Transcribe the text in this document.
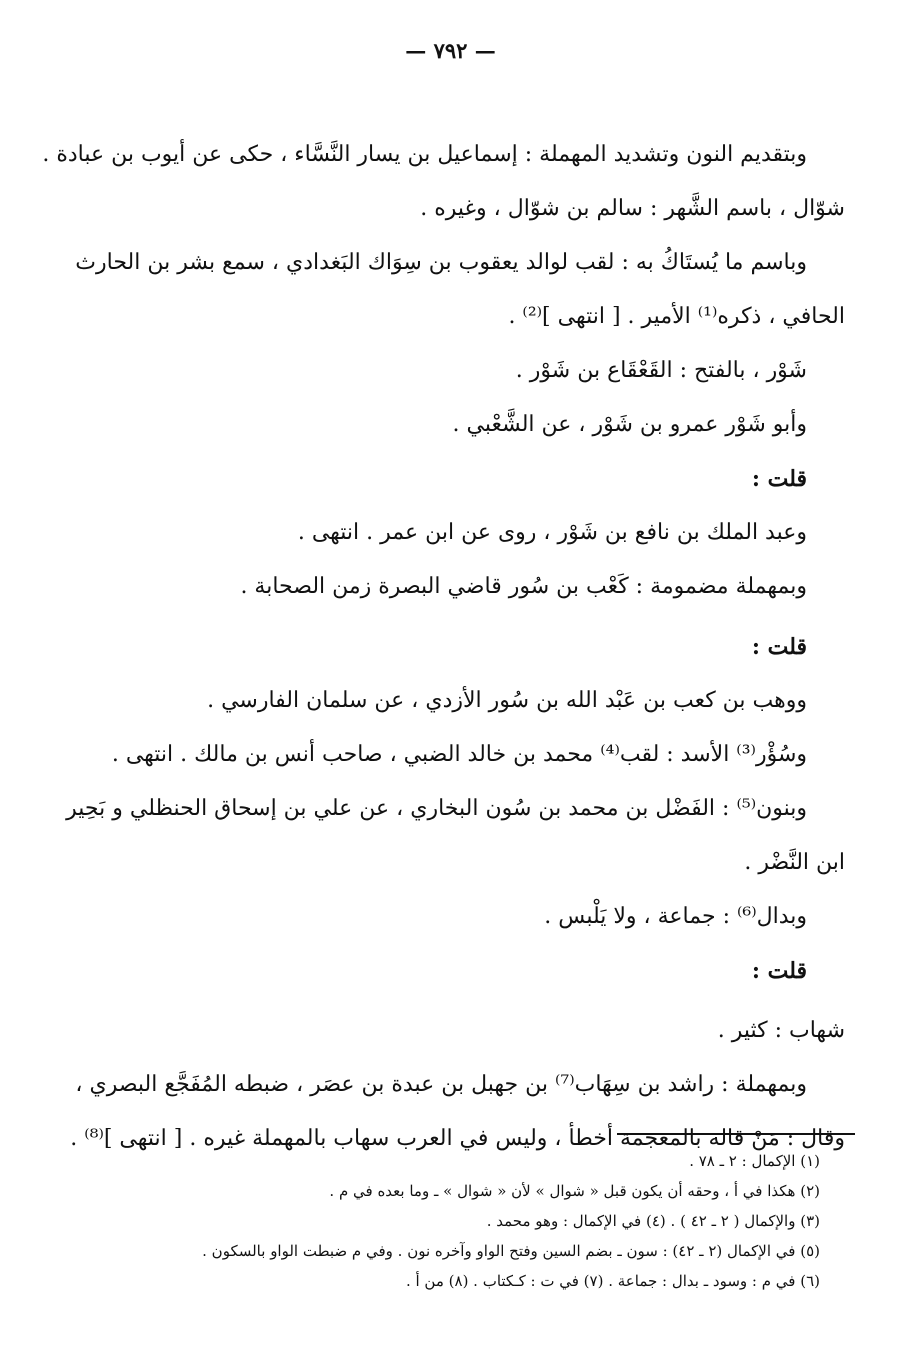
— ٧٩٢ —
وبتقديم النون وتشديد المهملة : إسماعيل بن يسار النَّسَّاء ، حكى عن أيوب بن عبادة .
شوّال ، باسم الشَّهر : سالم بن شوّال ، وغيره .
وباسم ما يُستَاكُ به : لقب لوالد يعقوب بن سِوَاك البَغدادي ، سمع بشر بن الحارث
الحافي ، ذكره⁽¹⁾ الأمير . [ انتهى ]⁽²⁾ .
شَوْر ، بالفتح : القَعْقَاع بن شَوْر .
وأبو شَوْر عمرو بن شَوْر ، عن الشَّعْبي .
قلت :
وعبد الملك بن نافع بن شَوْر ، روى عن ابن عمر . انتهى .
وبمهملة مضمومة : كَعْب بن سُور قاضي البصرة زمن الصحابة .
قلت :
ووهب بن كعب بن عَبْد الله بن سُور الأزدي ، عن سلمان الفارسي .
وسُؤْر⁽³⁾ الأسد : لقب⁽⁴⁾ محمد بن خالد الضبي ، صاحب أنس بن مالك . انتهى .
وبنون⁽⁵⁾ : الفَضْل بن محمد بن سُون البخاري ، عن علي بن إسحاق الحنظلي و بَحِير
ابن النَّضْر .
وبدال⁽⁶⁾ : جماعة ، ولا يَلْبس .
قلت :
شهاب : كثير .
وبمهملة : راشد بن سِهَاب⁽⁷⁾ بن جهبل بن عبدة بن عصَر ، ضبطه المُفَجَّع البصري ،
وقال : مَنْ قاله بالمعجمة أخطأ ، وليس في العرب سهاب بالمهملة غيره . [ انتهى ]⁽⁸⁾ .
(١) الإكمال : ٢ ـ ٧٨ .
(٢) هكذا في أ ، وحقه أن يكون قبل « شوال » لأن « شوال » ـ وما بعده في م .
(٣) والإكمال ( ٢ ـ ٤٢ ) . (٤) في الإكمال : وهو محمد .
(٥) في الإكمال (٢ ـ ٤٢) : سون ـ بضم السين وفتح الواو وآخره نون . وفي م ضبطت الواو بالسكون .
(٦) في م : وسود ـ بدال : جماعة . (٧) في ت : كـكتاب . (٨) من أ .
